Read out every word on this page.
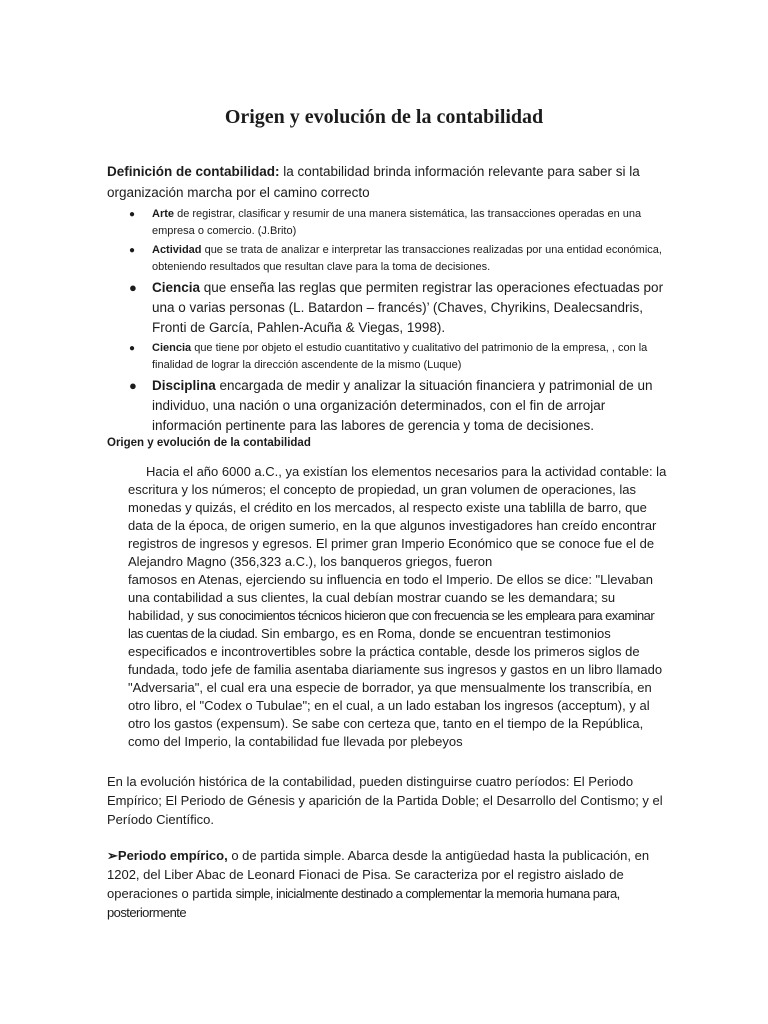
Origen y evolución de la contabilidad
Definición de contabilidad: la contabilidad brinda información relevante para saber si la organización marcha por el camino correcto
● Arte de registrar, clasificar y resumir de una manera sistemática, las transacciones operadas en una empresa o comercio. (J.Brito)
● Actividad que se trata de analizar e interpretar las transacciones realizadas por una entidad económica, obteniendo resultados que resultan clave para la toma de decisiones.
● Ciencia que enseña las reglas que permiten registrar las operaciones efectuadas por una o varias personas (L. Batardon – francés)’ (Chaves, Chyrikins, Dealecsandris, Fronti de García, Pahlen-Acuña & Viegas, 1998).
● Ciencia que tiene por objeto el estudio cuantitativo y cualitativo del patrimonio de la empresa, , con la finalidad de lograr la dirección ascendente de la mismo (Luque)
● Disciplina encargada de medir y analizar la situación financiera y patrimonial de un individuo, una nación o una organización determinados, con el fin de arrojar información pertinente para las labores de gerencia y toma de decisiones.
Origen y evolución de la contabilidad
Hacia el año 6000 a.C., ya existían los elementos necesarios para la actividad contable: la escritura y los números; el concepto de propiedad, un gran volumen de operaciones, las monedas y quizás, el crédito en los mercados, al respecto existe una tablilla de barro, que data de la época, de origen sumerio, en la que algunos investigadores han creído encontrar registros de ingresos y egresos. El primer gran Imperio Económico que se conoce fue el de Alejandro Magno (356,323 a.C.), los banqueros griegos, fueron
famosos en Atenas, ejerciendo su influencia en todo el Imperio. De ellos se dice: "Llevaban una contabilidad a sus clientes, la cual debían mostrar cuando se les demandara; su habilidad, y sus conocimientos técnicos hicieron que con frecuencia se les empleara para examinar las cuentas de la ciudad. Sin embargo, es en Roma, donde se encuentran testimonios especificados e incontrovertibles sobre la práctica contable, desde los primeros siglos de fundada, todo jefe de familia asentaba diariamente sus ingresos y gastos en un libro llamado "Adversaria", el cual era una especie de borrador, ya que mensualmente los transcribía, en otro libro, el "Codex o Tubulae"; en el cual, a un lado estaban los ingresos (acceptum), y al otro los gastos (expensum). Se sabe con certeza que, tanto en el tiempo de la República, como del Imperio, la contabilidad fue llevada por plebeyos
En la evolución histórica de la contabilidad, pueden distinguirse cuatro períodos: El Periodo Empírico; El Periodo de Génesis y aparición de la Partida Doble; el Desarrollo del Contismo; y el Período Científico.
➢Periodo empírico, o de partida simple. Abarca desde la antigüedad hasta la publicación, en 1202, del Liber Abac de Leonard Fionaci de Pisa. Se caracteriza por el registro aislado de operaciones o partida simple, inicialmente destinado a complementar la memoria humana para, posteriormente
